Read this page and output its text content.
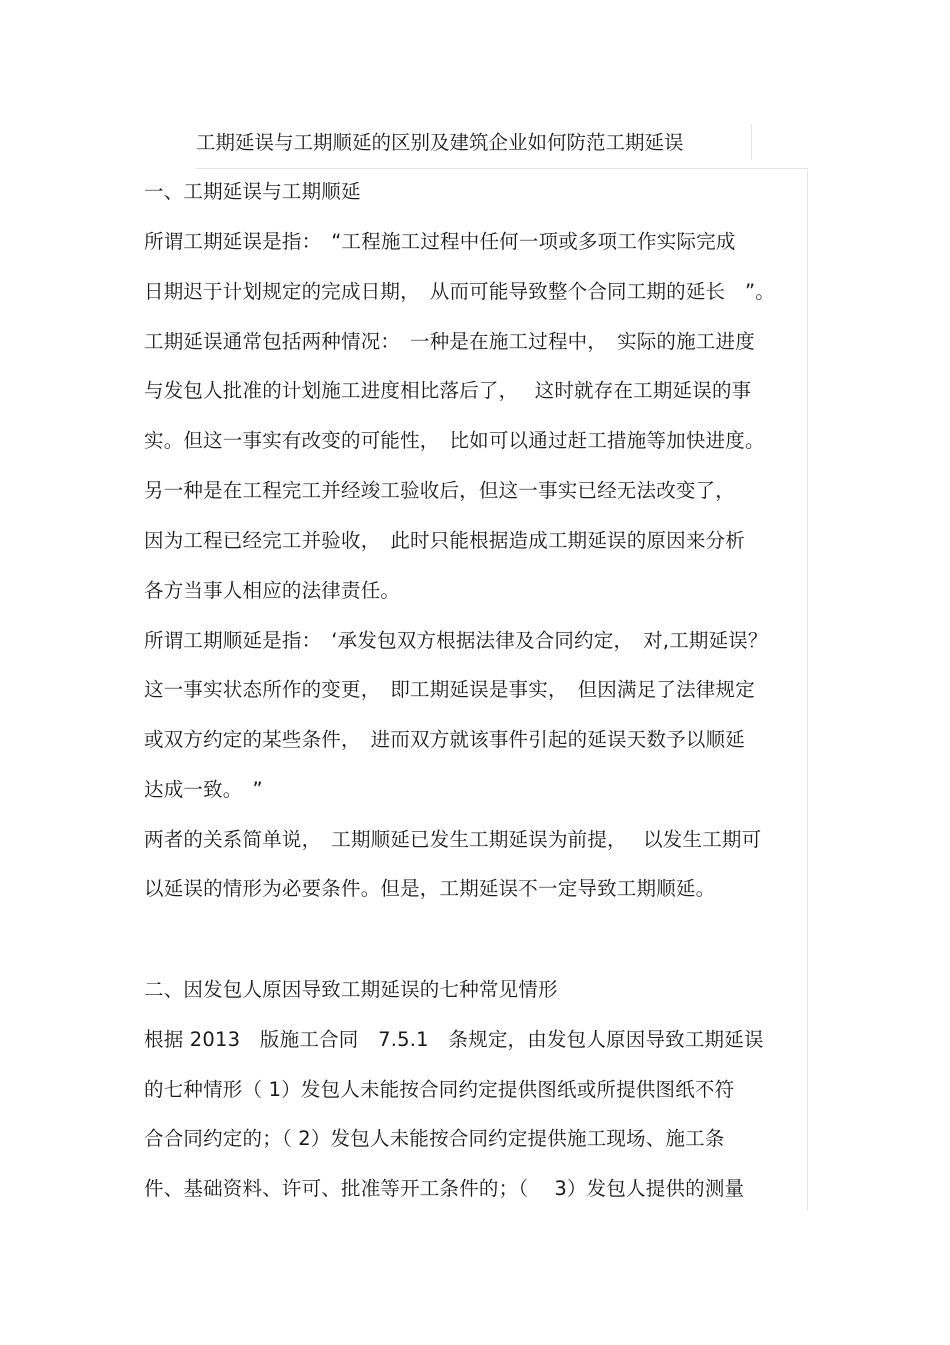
工期延误与工期顺延的区别及建筑企业如何防范工期延误
一、工期延误与工期顺延
所谓工期延误是指：　“工程施工过程中任何一项或多项工作实际完成
日期迟于计划规定的完成日期，　从而可能导致整个合同工期的延长　”。
工期延误通常包括两种情况：　一种是在施工过程中，　实际的施工进度
与发包人批准的计划施工进度相比落后了，　 这时就存在工期延误的事
实。但这一事实有改变的可能性，　比如可以通过赶工措施等加快进度。
另一种是在工程完工并经竣工验收后，但这一事实已经无法改变了，
因为工程已经完工并验收，　此时只能根据造成工期延误的原因来分析
各方当事人相应的法律责任。
所谓工期顺延是指：　‘承发包双方根据法律及合同约定，　对,工期延误？
这一事实状态所作的变更，　即工期延误是事实，　但因满足了法律规定
或双方约定的某些条件，　进而双方就该事件引起的延误天数予以顺延
达成一致。　”
两者的关系简单说，　工期顺延已发生工期延误为前提，　 以发生工期可
以延误的情形为必要条件。但是，工期延误不一定导致工期顺延。
二、因发包人原因导致工期延误的七种常见情形
根据 2013　版施工合同　7.5.1　条规定，由发包人原因导致工期延误
的七种情形（ 1）发包人未能按合同约定提供图纸或所提供图纸不符
合合同约定的；（ 2）发包人未能按合同约定提供施工现场、施工条
件、基础资料、许可、批准等开工条件的；（　 3）发包人提供的测量
